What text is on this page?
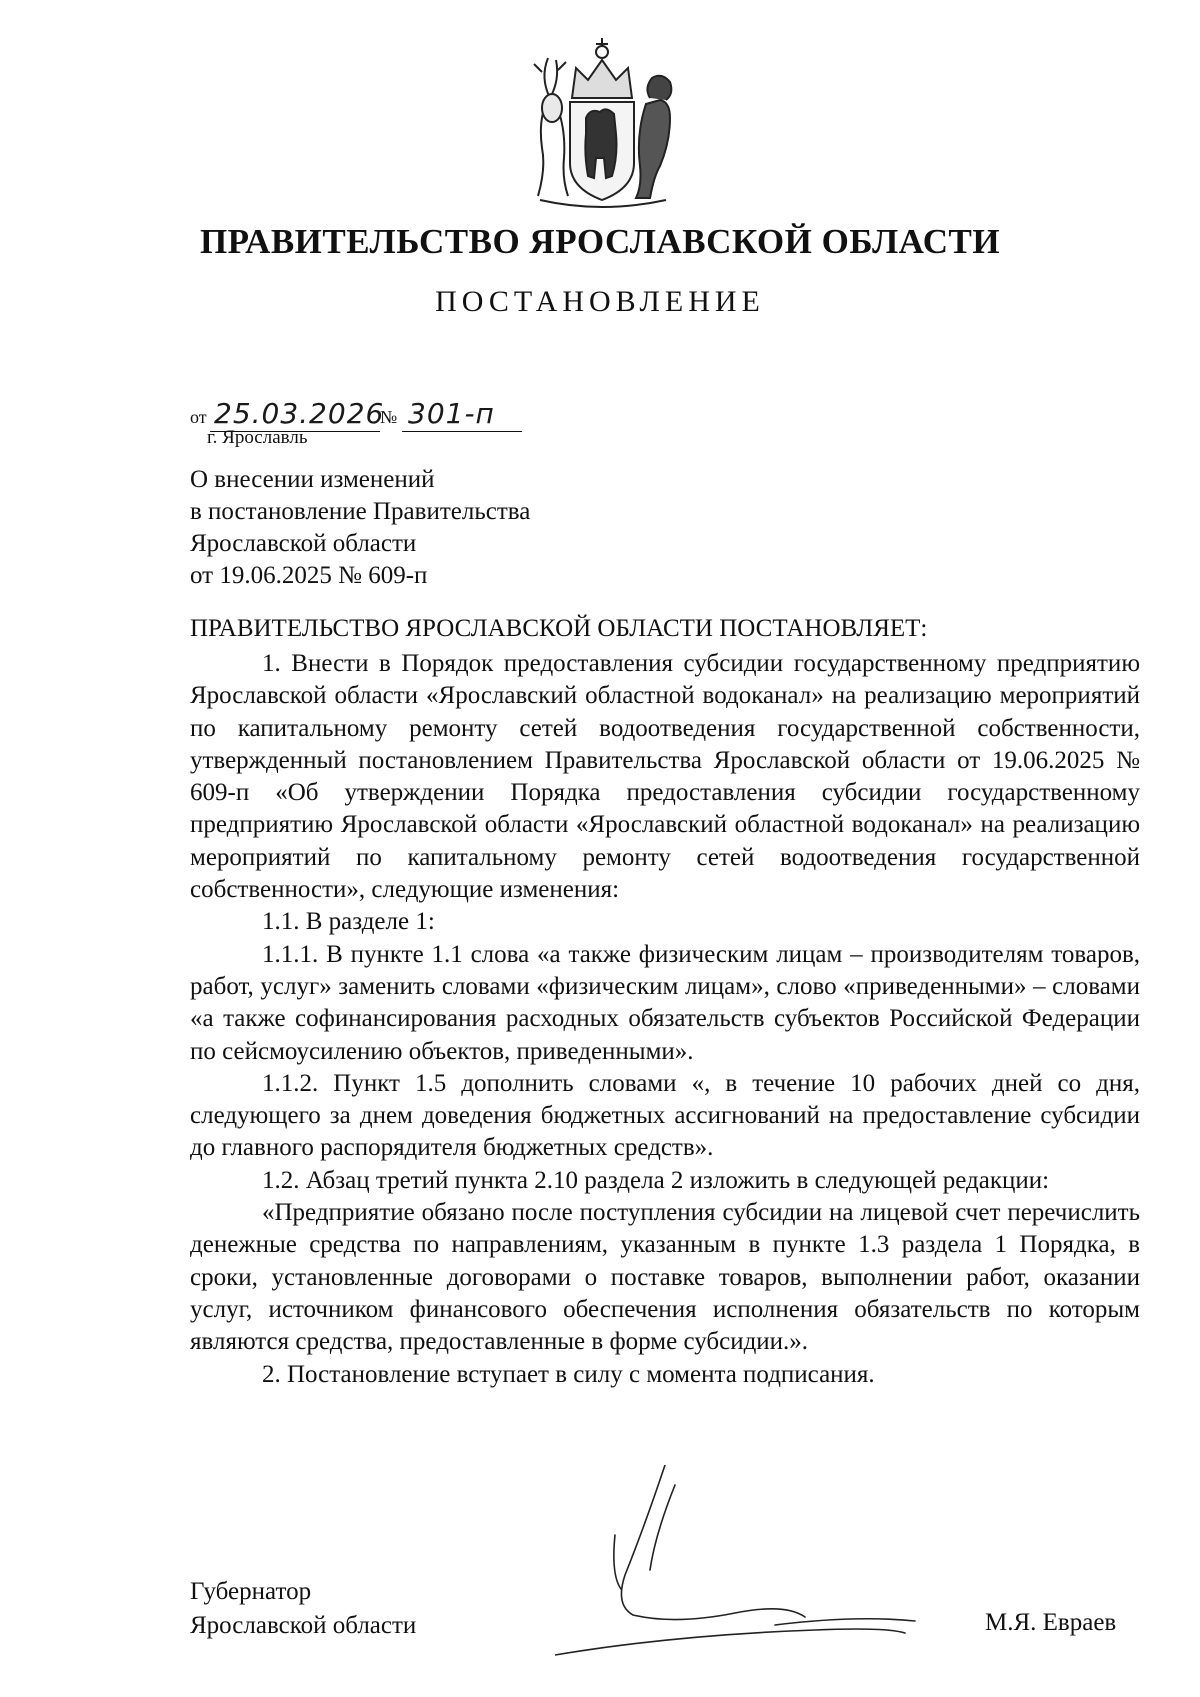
ПРАВИТЕЛЬСТВО ЯРОСЛАВСКОЙ ОБЛАСТИ
ПОСТАНОВЛЕНИЕ
от 25.03.2026
№ 301-п
г. Ярославль
О внесении изменений
в постановление Правительства
Ярославской области
от 19.06.2025 № 609-п
ПРАВИТЕЛЬСТВО ЯРОСЛАВСКОЙ ОБЛАСТИ ПОСТАНОВЛЯЕТ:

1. Внести в Порядок предоставления субсидии государственному предприятию Ярославской области «Ярославский областной водоканал» на реализацию мероприятий по капитальному ремонту сетей водоотведения государственной собственности, утвержденный постановлением Правительства Ярославской области от 19.06.2025 № 609-п «Об утверждении Порядка предоставления субсидии государственному предприятию Ярославской области «Ярославский областной водоканал» на реализацию мероприятий по капитальному ремонту сетей водоотведения государственной собственности», следующие изменения:

1.1. В разделе 1:

1.1.1. В пункте 1.1 слова «а также физическим лицам – производителям товаров, работ, услуг» заменить словами «физическим лицам», слово «приведенными» – словами «а также софинансирования расходных обязательств субъектов Российской Федерации по сейсмоусилению объектов, приведенными».

1.1.2. Пункт 1.5 дополнить словами «, в течение 10 рабочих дней со дня, следующего за днем доведения бюджетных ассигнований на предоставление субсидии до главного распорядителя бюджетных средств».

1.2. Абзац третий пункта 2.10 раздела 2 изложить в следующей редакции:

«Предприятие обязано после поступления субсидии на лицевой счет перечислить денежные средства по направлениям, указанным в пункте 1.3 раздела 1 Порядка, в сроки, установленные договорами о поставке товаров, выполнении работ, оказании услуг, источником финансового обеспечения исполнения обязательств по которым являются средства, предоставленные в форме субсидии.».

2. Постановление вступает в силу с момента подписания.

Губернатор
Ярославской области	М.Я. Евраев
